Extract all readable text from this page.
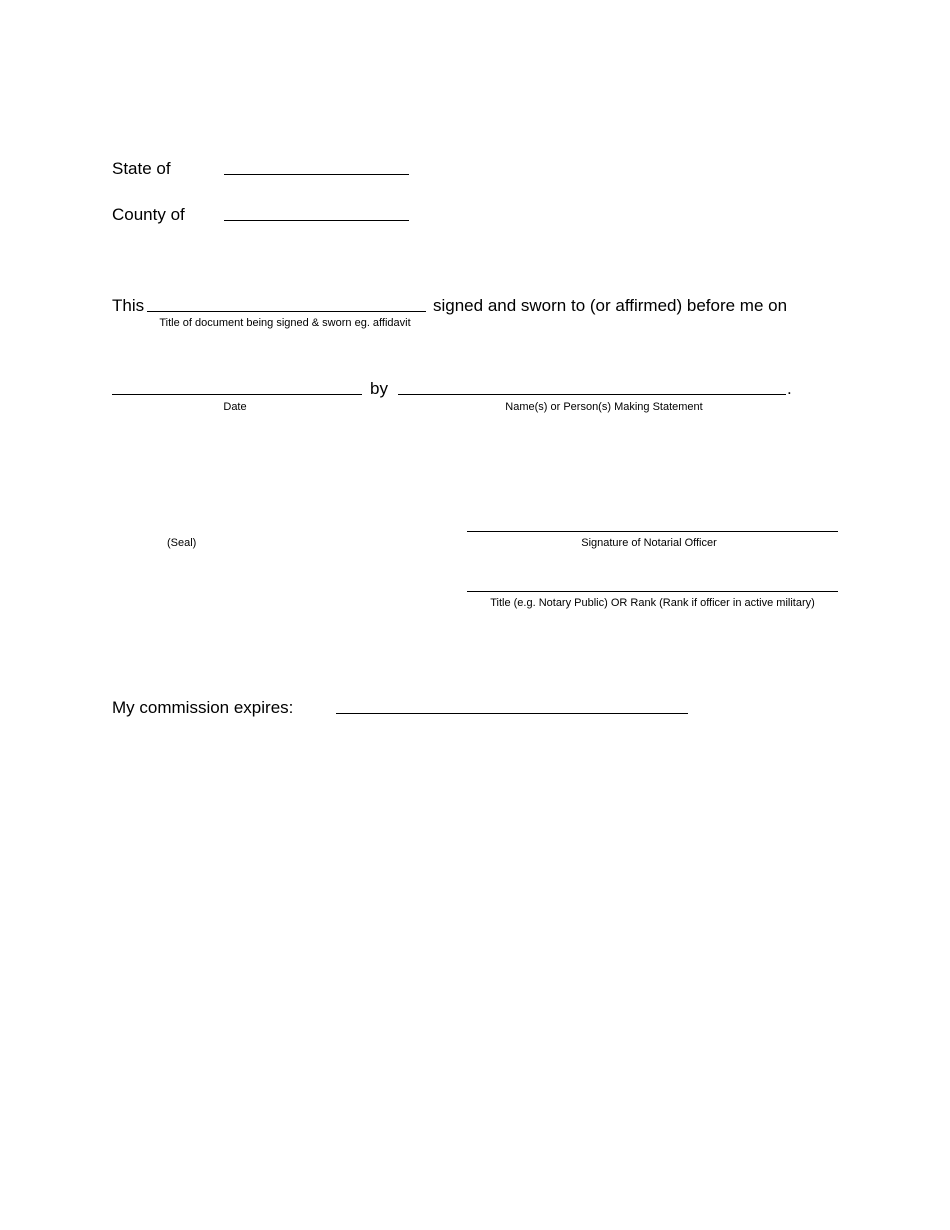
State of
County of
This	signed and sworn to (or affirmed) before me on
Title of document being signed & sworn eg. affidavit
by	.
Date	Name(s) or Person(s) Making Statement
(Seal)	Signature of Notarial Officer
Title (e.g. Notary Public) OR Rank (Rank if officer in active military)
My commission expires:
